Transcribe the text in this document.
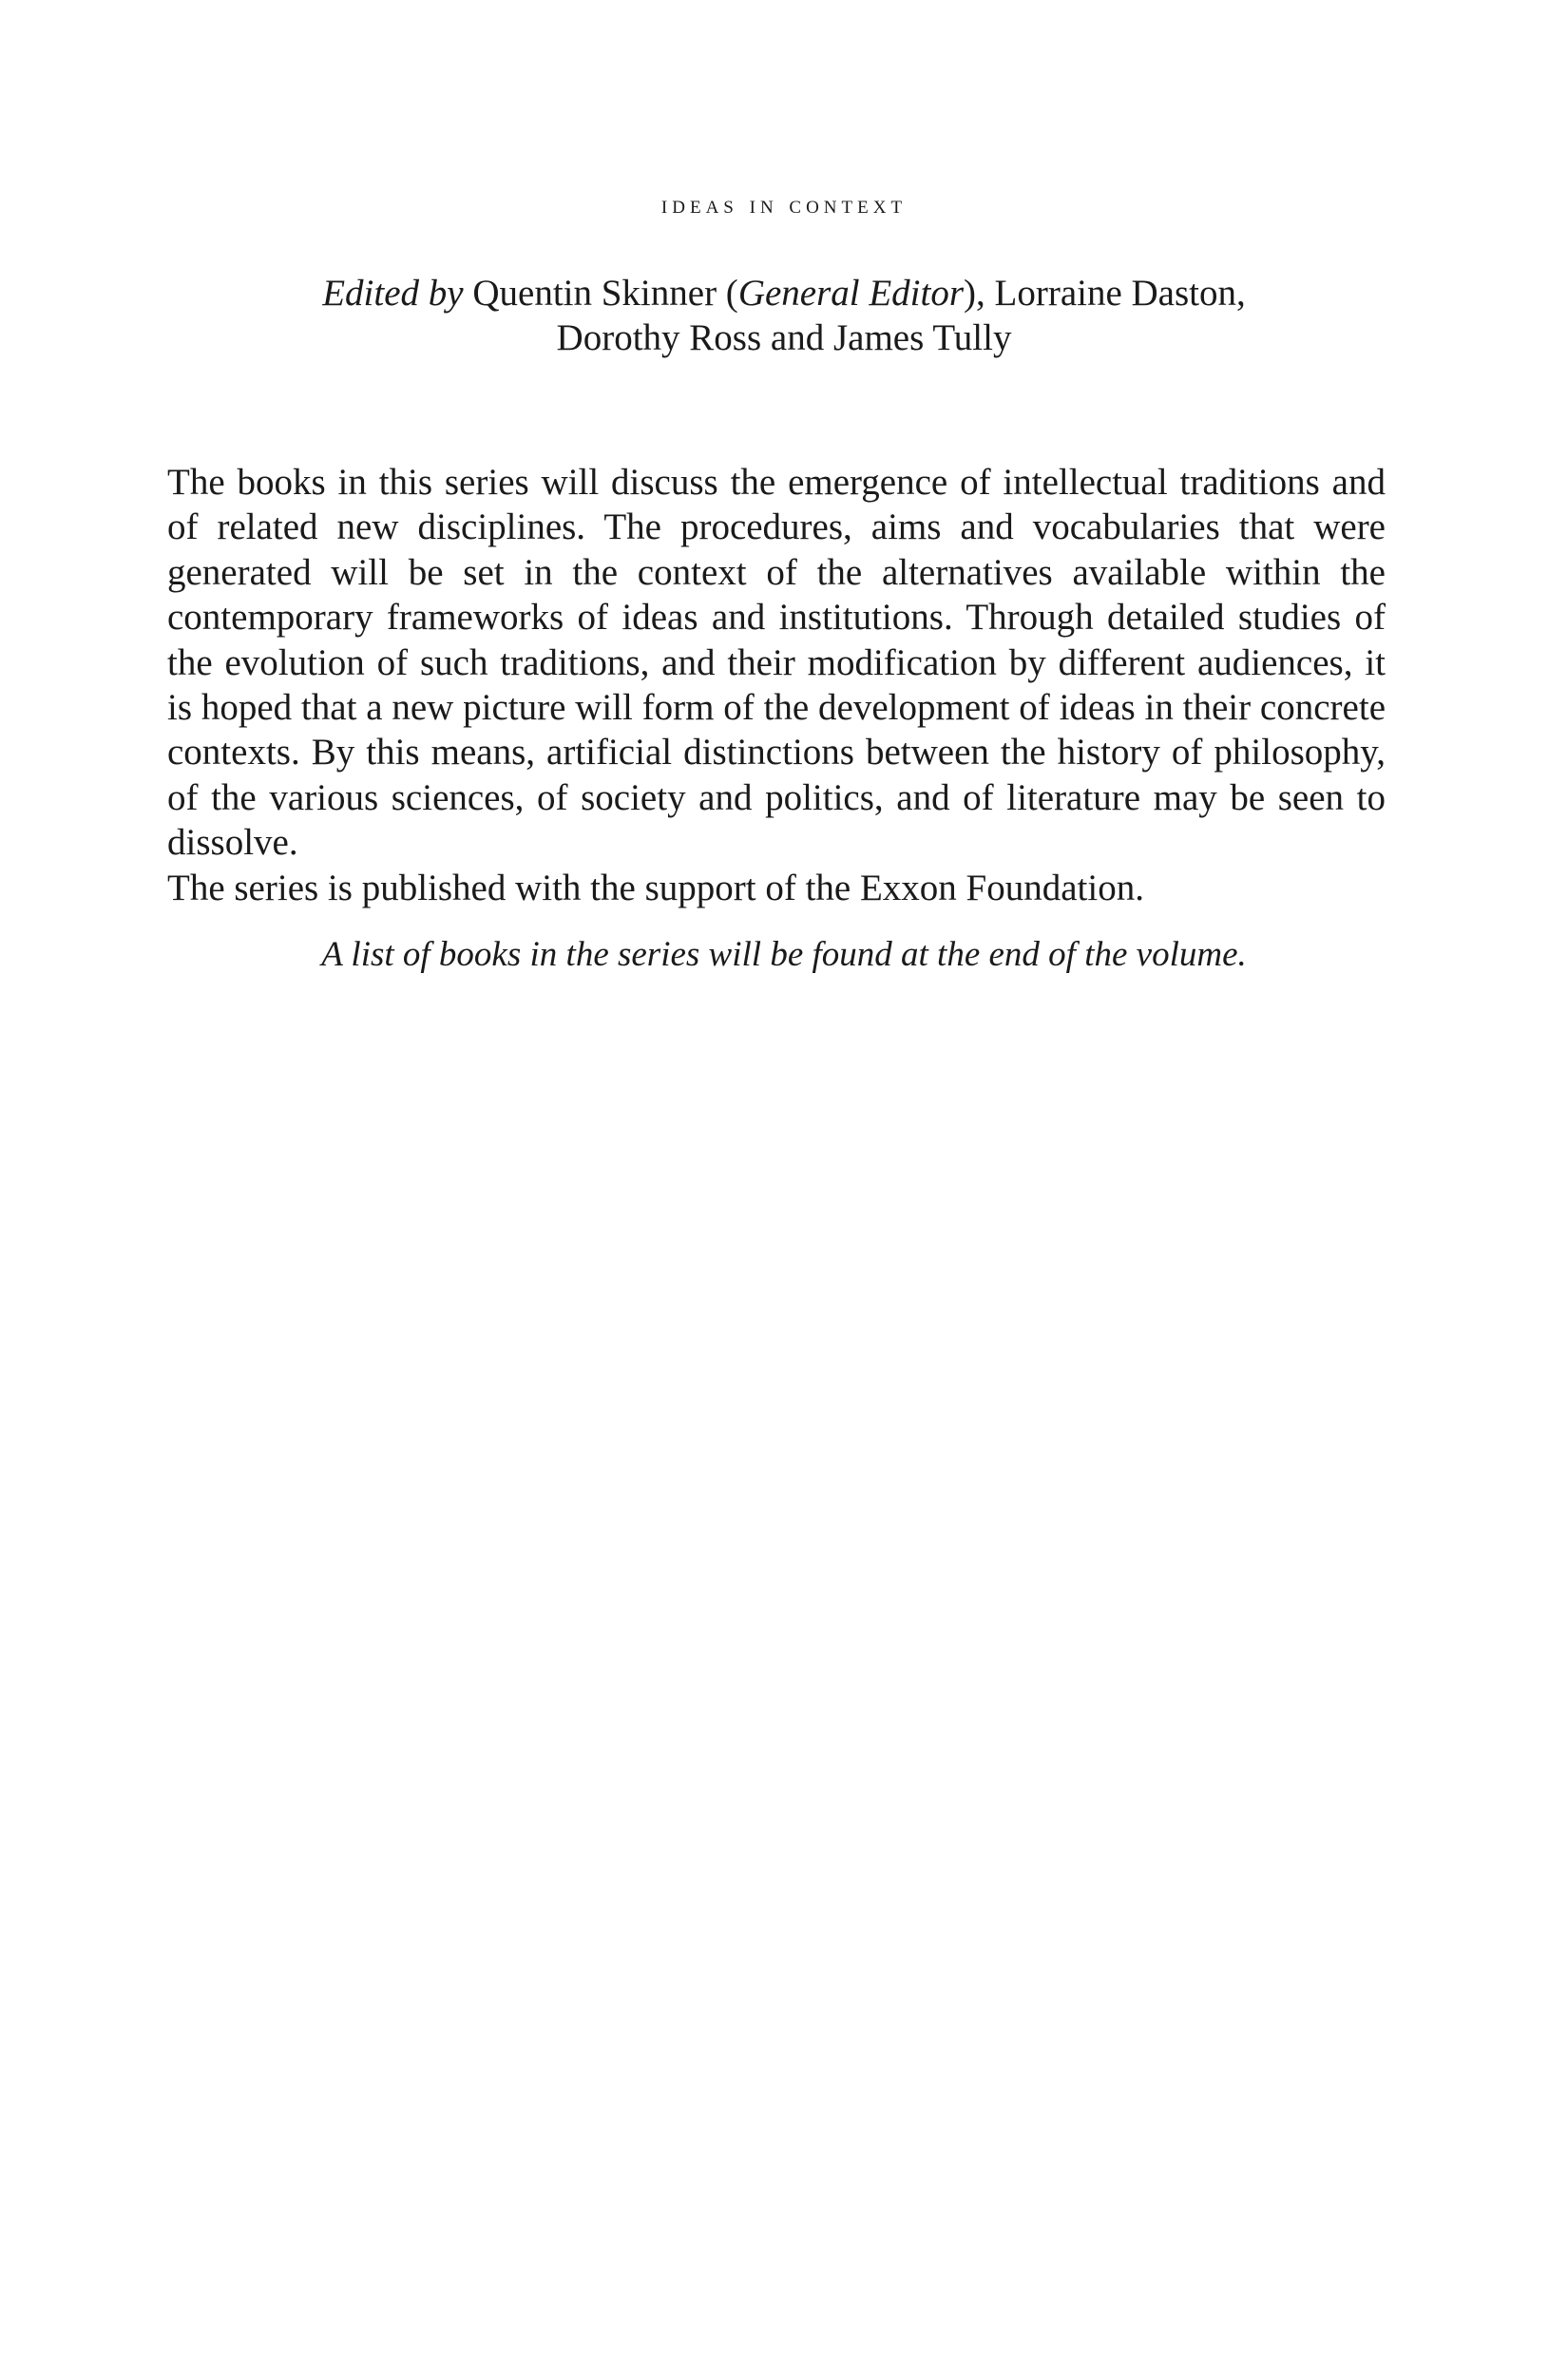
ideas in context
Edited by Quentin Skinner (General Editor), Lorraine Daston,
Dorothy Ross and James Tully

The books in this series will discuss the emergence of intellectual traditions and of related new disciplines. The procedures, aims and vocabularies that were generated will be set in the context of the alternatives available within the contemporary frameworks of ideas and institutions. Through detailed studies of the evolution of such traditions, and their modification by different audiences, it is hoped that a new picture will form of the development of ideas in their concrete contexts. By this means, artificial distinctions between the history of philosophy, of the various sciences, of society and politics, and of literature may be seen to dissolve.

The series is published with the support of the Exxon Foundation.

A list of books in the series will be found at the end of the volume.
